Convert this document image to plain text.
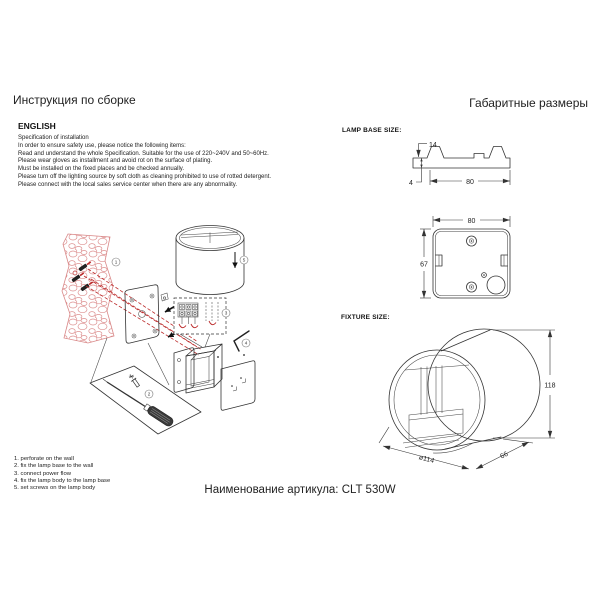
Инструкция по сборке	Габаритные размеры
ENGLISH

Specification of installation

In order to ensure safety use, please notice the following items:

Read and understand the whole Specification. Suitable for the use of 220~240V and 50~60Hz.

Please wear gloves as installment and avoid rot on the surface of plating.

Must be installed on the fixed places and be checked annually.

Please turn off the lighting source by soft cloth as cleaning prohibited to use of rotted detergent.

Please connect with the local sales service center when there are any abnormality.

LAMP BASE SIZE:
14
4	80
80
67
FIXTURE SIZE:
118
ø114	66
1
2
3
4
5
1. perforate on the wall
2. fix the lamp base to the wall
3. connect power flow
4. fix the lamp body to the lamp base
5. set screws on the lamp body	Наименование артикула: CLT 530W
